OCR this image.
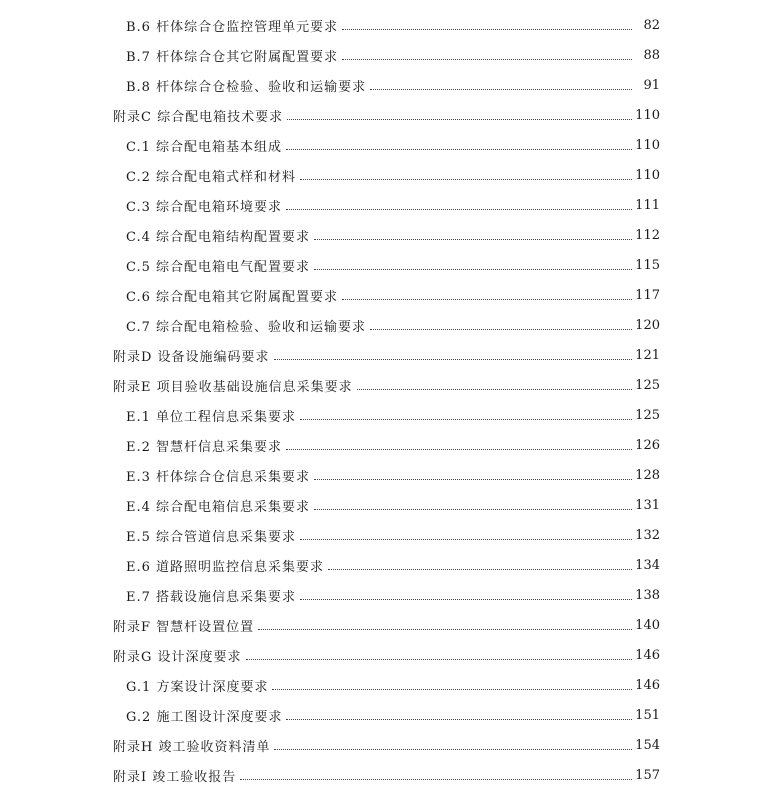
B.6 杆体综合仓监控管理单元要求	82
B.7 杆体综合仓其它附属配置要求	88
B.8 杆体综合仓检验、验收和运输要求	91
附录C 综合配电箱技术要求	110
C.1 综合配电箱基本组成	110
C.2 综合配电箱式样和材料	110
C.3 综合配电箱环境要求	111
C.4 综合配电箱结构配置要求	112
C.5 综合配电箱电气配置要求	115
C.6 综合配电箱其它附属配置要求	117
C.7 综合配电箱检验、验收和运输要求	120
附录D 设备设施编码要求	121
附录E 项目验收基础设施信息采集要求	125
E.1 单位工程信息采集要求	125
E.2 智慧杆信息采集要求	126
E.3 杆体综合仓信息采集要求	128
E.4 综合配电箱信息采集要求	131
E.5 综合管道信息采集要求	132
E.6 道路照明监控信息采集要求	134
E.7 搭载设施信息采集要求	138
附录F 智慧杆设置位置	140
附录G 设计深度要求	146
G.1 方案设计深度要求	146
G.2 施工图设计深度要求	151
附录H 竣工验收资料清单	154
附录I 竣工验收报告	157
